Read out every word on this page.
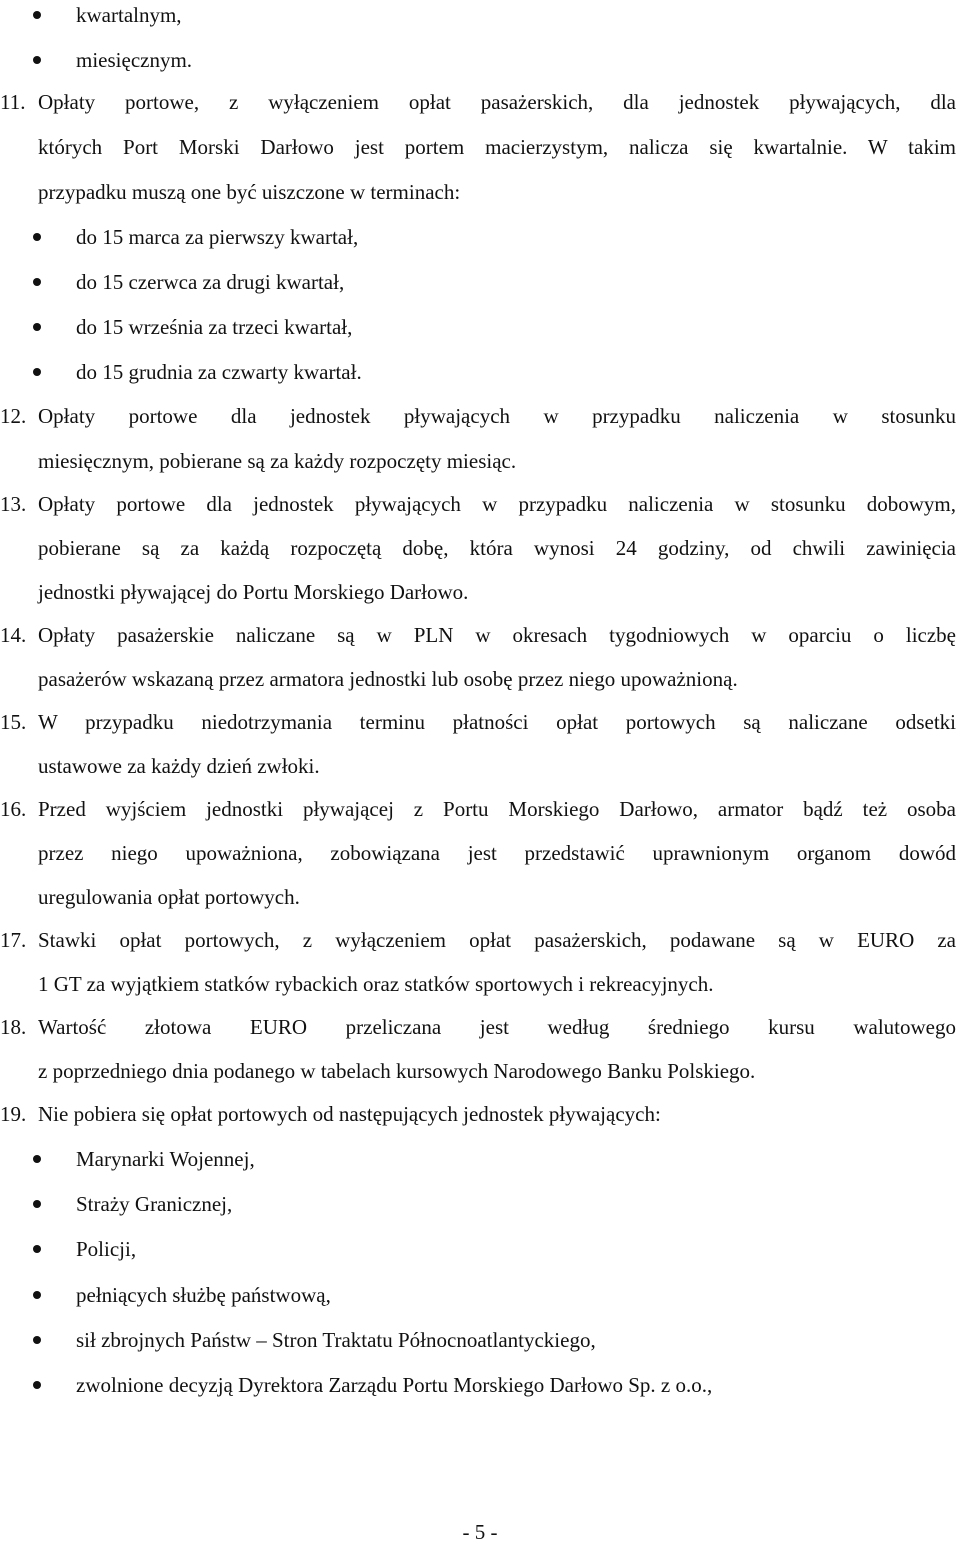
kwartalnym,
miesięcznym.
11. Opłaty portowe, z wyłączeniem opłat pasażerskich, dla jednostek pływających, dla
których Port Morski Darłowo jest portem macierzystym, nalicza się kwartalnie. W takim
przypadku muszą one być uiszczone w terminach:
do 15 marca za pierwszy kwartał,
do 15 czerwca za drugi kwartał,
do 15 września za trzeci kwartał,
do 15 grudnia za czwarty kwartał.
12. Opłaty portowe dla jednostek pływających w przypadku naliczenia w stosunku
miesięcznym, pobierane są za każdy rozpoczęty miesiąc.
13. Opłaty portowe dla jednostek pływających w przypadku naliczenia w stosunku dobowym,
pobierane są za każdą rozpoczętą dobę, która wynosi 24 godziny, od chwili zawinięcia
jednostki pływającej do Portu Morskiego Darłowo.
14. Opłaty pasażerskie naliczane są w PLN w okresach tygodniowych w oparciu o liczbę
pasażerów wskazaną przez armatora jednostki lub osobę przez niego upoważnioną.
15. W przypadku niedotrzymania terminu płatności opłat portowych są naliczane odsetki
ustawowe za każdy dzień zwłoki.
16. Przed wyjściem jednostki pływającej z Portu Morskiego Darłowo, armator bądź też osoba
przez niego upoważniona, zobowiązana jest przedstawić uprawnionym organom dowód
uregulowania opłat portowych.
17. Stawki opłat portowych, z wyłączeniem opłat pasażerskich, podawane są w EURO za
1 GT za wyjątkiem statków rybackich oraz statków sportowych i rekreacyjnych.
18. Wartość złotowa EURO przeliczana jest według średniego kursu walutowego
z poprzedniego dnia podanego w tabelach kursowych Narodowego Banku Polskiego.
19. Nie pobiera się opłat portowych od następujących jednostek pływających:
Marynarki Wojennej,
Straży Granicznej,
Policji,
pełniących służbę państwową,
sił zbrojnych Państw – Stron Traktatu Północnoatlantyckiego,
zwolnione decyzją Dyrektora Zarządu Portu Morskiego Darłowo Sp. z o.o.,
- 5 -
